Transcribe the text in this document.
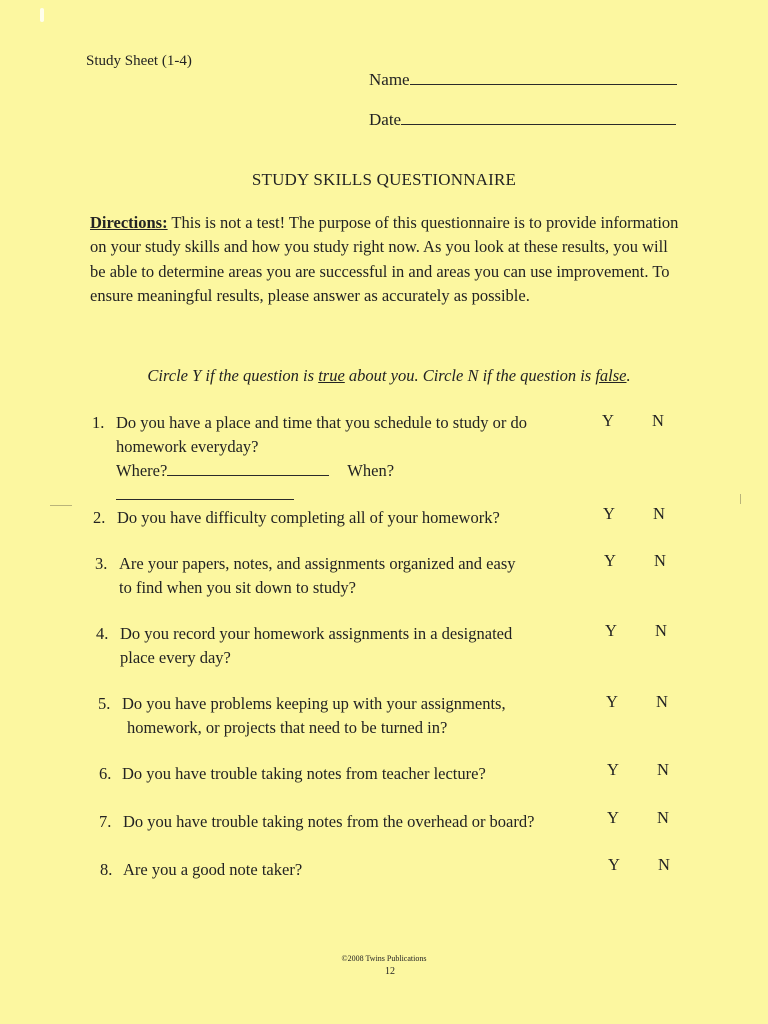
Study Sheet (1-4)
Name
Date
STUDY SKILLS QUESTIONNAIRE
Directions: This is not a test! The purpose of this questionnaire is to provide information on your study skills and how you study right now. As you look at these results, you will be able to determine areas you are successful in and areas you can use improvement. To ensure meaningful results, please answer as accurately as possible.
Circle Y if the question is true about you. Circle N if the question is false.
1. Do you have a place and time that you schedule to study or do
homework everyday?
Where?	When?
Y N
2. Do you have difficulty completing all of your homework?	Y N
3. Are your papers, notes, and assignments organized and easy
to find when you sit down to study?
Y N
4. Do you record your homework assignments in a designated
place every day?
Y N
5. Do you have problems keeping up with your assignments,
homework, or projects that need to be turned in?
Y N
6. Do you have trouble taking notes from teacher lecture?	Y N
7. Do you have trouble taking notes from the overhead or board?	Y N
8. Are you a good note taker?	Y N
©2008 Twins Publications
12
